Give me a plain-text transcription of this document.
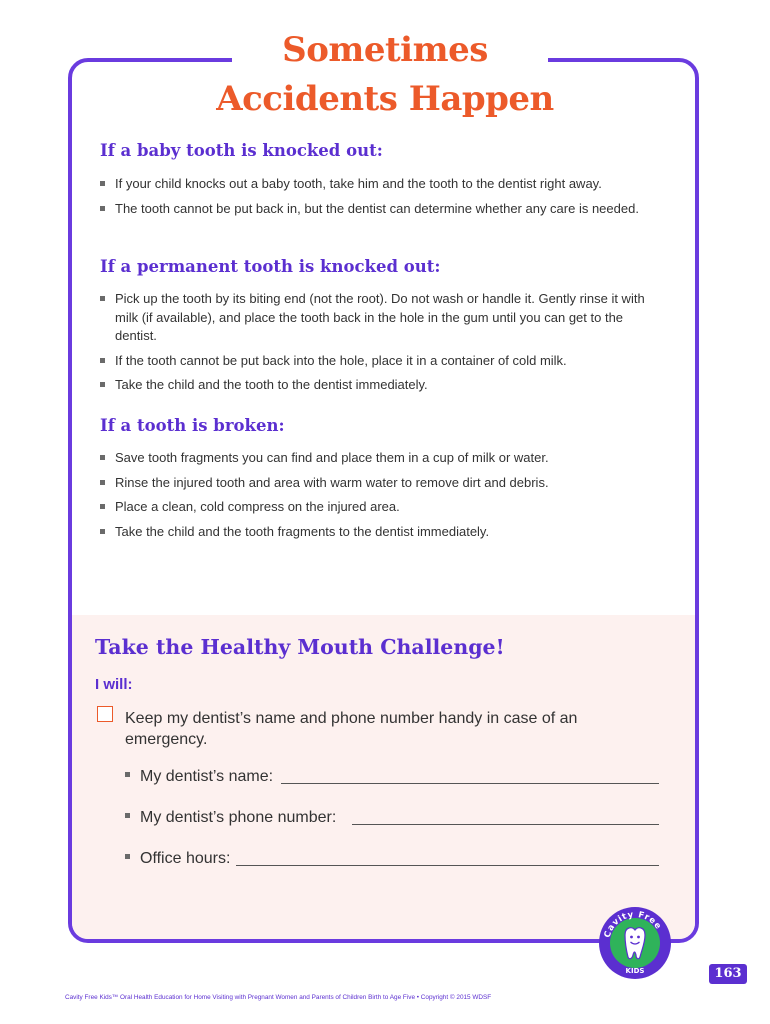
Sometimes
Accidents Happen
If a baby tooth is knocked out:
If your child knocks out a baby tooth, take him and the tooth to the dentist right away.
The tooth cannot be put back in, but the dentist can determine whether any care is needed.
If a permanent tooth is knocked out:
Pick up the tooth by its biting end (not the root). Do not wash or handle it. Gently rinse it with milk (if available), and place the tooth back in the hole in the gum until you can get to the dentist.
If the tooth cannot be put back into the hole, place it in a container of cold milk.
Take the child and the tooth to the dentist immediately.
If a tooth is broken:
Save tooth fragments you can find and place them in a cup of milk or water.
Rinse the injured tooth and area with warm water to remove dirt and debris.
Place a clean, cold compress on the injured area.
Take the child and the tooth fragments to the dentist immediately.
Take the Healthy Mouth Challenge!

I will:

Keep my dentist’s name and phone number handy in case of an emergency.

My dentist’s name:
My dentist’s phone number:
Office hours:
Cavity Free
KIDS	163

Cavity Free Kids™ Oral Health Education for Home Visiting with Pregnant Women and Parents of Children Birth to Age Five • Copyright © 2015 WDSF
